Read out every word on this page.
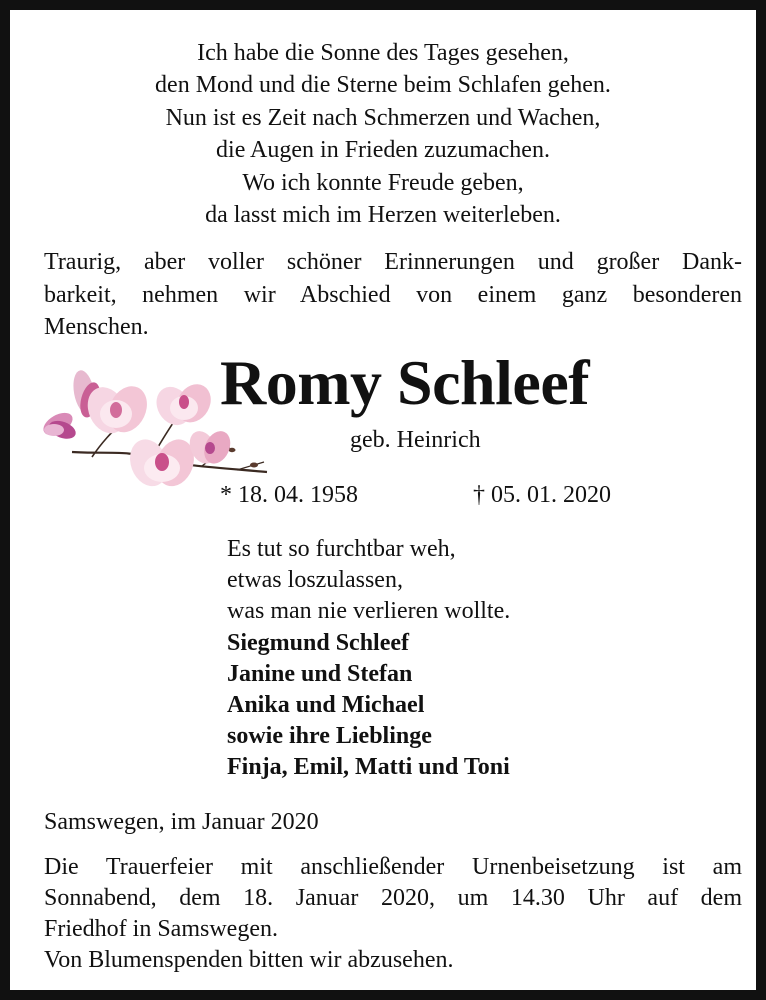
Ich habe die Sonne des Tages gesehen,
den Mond und die Sterne beim Schlafen gehen.
Nun ist es Zeit nach Schmerzen und Wachen,
die Augen in Frieden zuzumachen.
Wo ich konnte Freude geben,
da lasst mich im Herzen weiterleben.
Traurig, aber voller schöner Erinnerungen und großer Dank-
barkeit, nehmen wir Abschied von einem ganz besonderen
Menschen.
Romy Schleef
geb. Heinrich
* 18. 04. 1958	† 05. 01. 2020
Es tut so furchtbar weh,
etwas loszulassen,
was man nie verlieren wollte.
Siegmund Schleef
Janine und Stefan
Anika und Michael
sowie ihre Lieblinge
Finja, Emil, Matti und Toni
Samswegen, im Januar 2020
Die Trauerfeier mit anschließender Urnenbeisetzung ist am
Sonnabend, dem 18. Januar 2020, um 14.30 Uhr auf dem
Friedhof in Samswegen.
Von Blumenspenden bitten wir abzusehen.
